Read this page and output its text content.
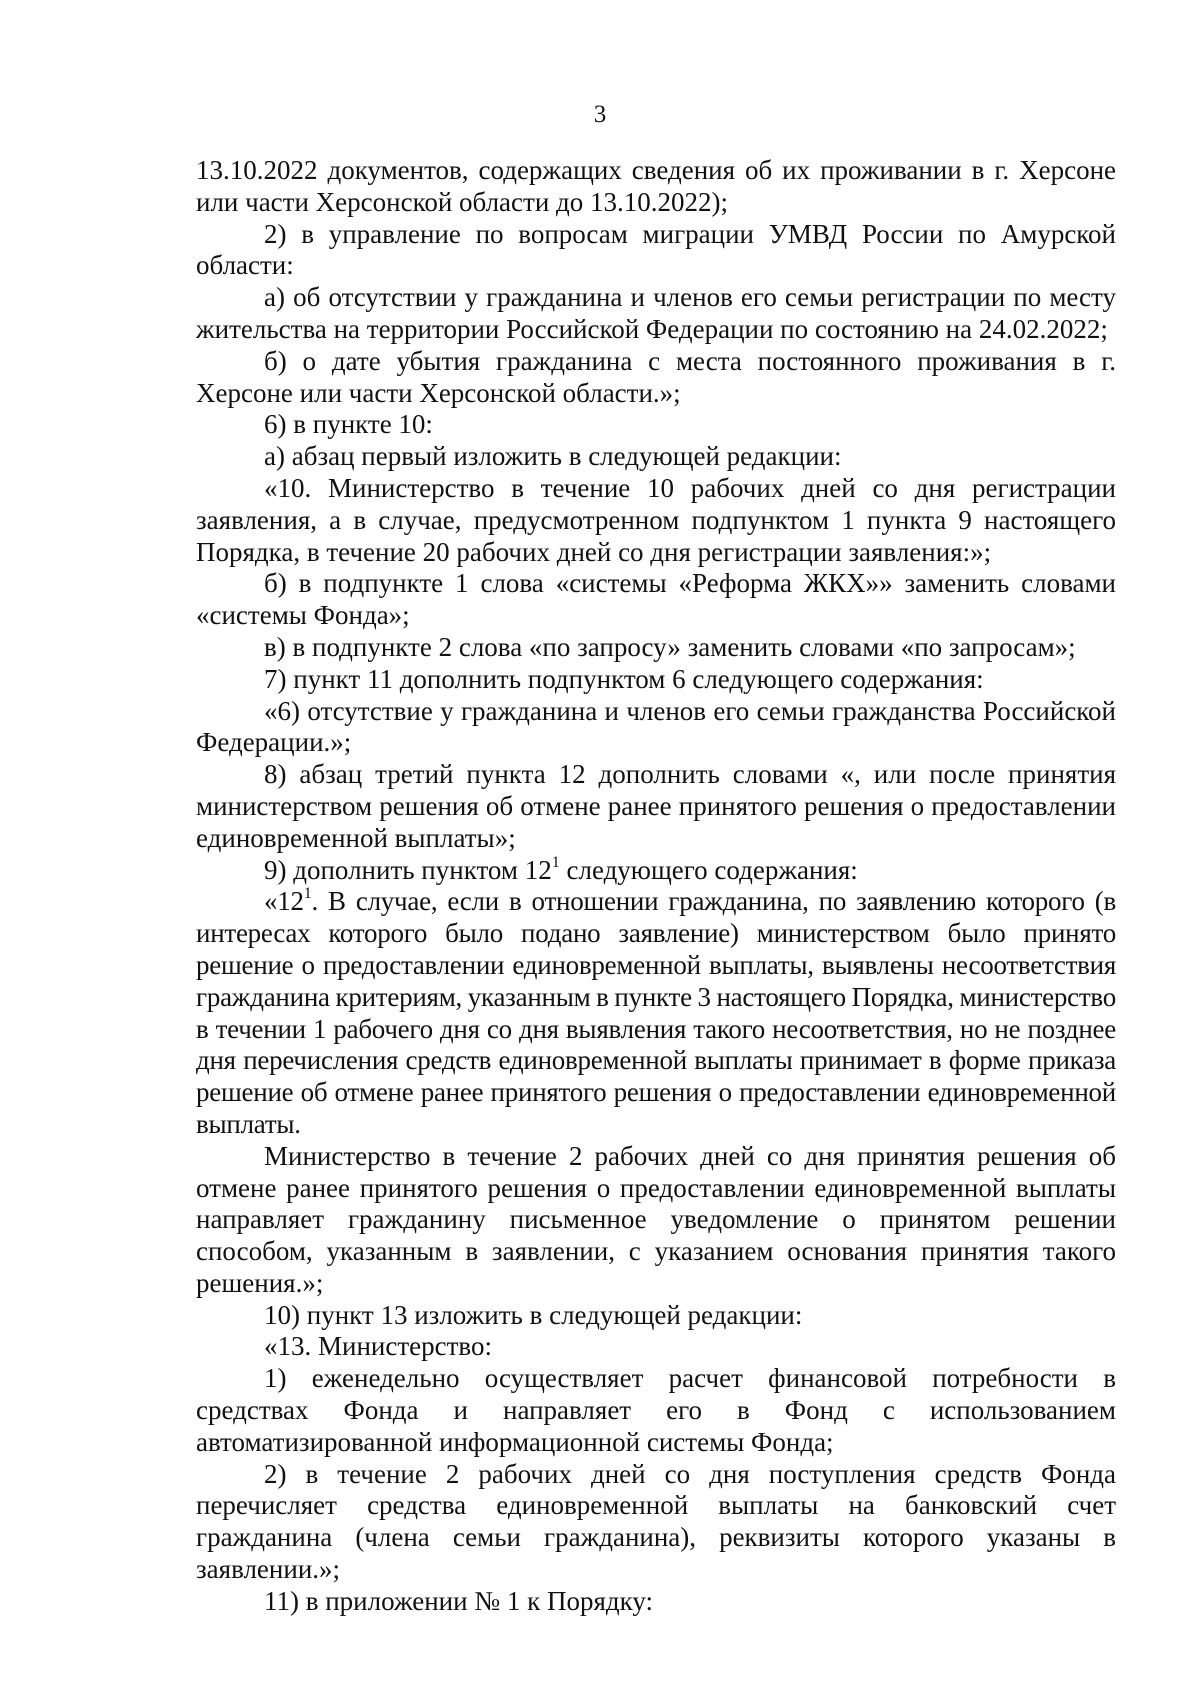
3

13.10.2022 документов, содержащих сведения об их проживании в г. Херсоне или части Херсонской области до 13.10.2022);

2) в управление по вопросам миграции УМВД России по Амурской области:

а) об отсутствии у гражданина и членов его семьи регистрации по месту жительства на территории Российской Федерации по состоянию на 24.02.2022;

б) о дате убытия гражданина с места постоянного проживания в г. Херсоне или части Херсонской области.»;

6) в пункте 10:

а) абзац первый изложить в следующей редакции:

«10. Министерство в течение 10 рабочих дней со дня регистрации заявления, а в случае, предусмотренном подпунктом 1 пункта 9 настоящего Порядка, в течение 20 рабочих дней со дня регистрации заявления:»;

б) в подпункте 1 слова «системы «Реформа ЖКХ»» заменить словами «системы Фонда»;

в) в подпункте 2 слова «по запросу» заменить словами «по запросам»;

7) пункт 11 дополнить подпунктом 6 следующего содержания:

«6) отсутствие у гражданина и членов его семьи гражданства Российской Федерации.»;

8) абзац третий пункта 12 дополнить словами «, или после принятия министерством решения об отмене ранее принятого решения о предоставлении единовременной выплаты»;

9) дополнить пунктом $12^1$ следующего содержания:

«$12^1$. В случае, если в отношении гражданина, по заявлению которого (в интересах которого было подано заявление) министерством было принято решение о предоставлении единовременной выплаты, выявлены несоответствия гражданина критериям, указанным в пункте 3 настоящего Порядка, министерство в течении 1 рабочего дня со дня выявления такого несоответствия, но не позднее дня перечисления средств единовременной выплаты принимает в форме приказа решение об отмене ранее принятого решения о предоставлении единовременной выплаты.

Министерство в течение 2 рабочих дней со дня принятия решения об отмене ранее принятого решения о предоставлении единовременной выплаты направляет гражданину письменное уведомление о принятом решении способом, указанным в заявлении, с указанием основания принятия такого решения.»;

10) пункт 13 изложить в следующей редакции:

«13. Министерство:

1) еженедельно осуществляет расчет финансовой потребности в средствах Фонда и направляет его в Фонд с использованием автоматизированной информационной системы Фонда;

2) в течение 2 рабочих дней со дня поступления средств Фонда перечисляет средства единовременной выплаты на банковский счет гражданина (члена семьи гражданина), реквизиты которого указаны в заявлении.»;

11) в приложении № 1 к Порядку:
